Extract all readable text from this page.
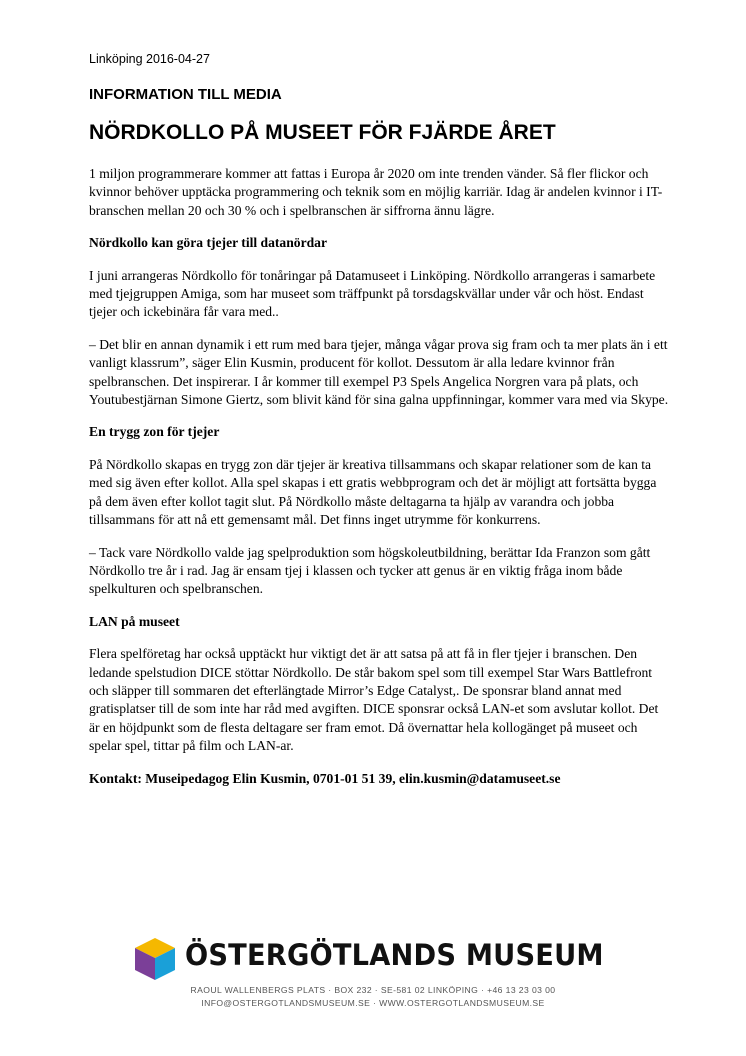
Linköping 2016-04-27
INFORMATION TILL MEDIA
NÖRDKOLLO PÅ MUSEET FÖR FJÄRDE ÅRET

1 miljon programmerare kommer att fattas i Europa år 2020 om inte trenden vänder. Så fler flickor och kvinnor behöver upptäcka programmering och teknik som en möjlig karriär. Idag är andelen kvinnor i IT-branschen mellan 20 och 30 % och i spelbranschen är siffrorna ännu lägre.

Nördkollo kan göra tjejer till datanördar

I juni arrangeras Nördkollo för tonåringar på Datamuseet i Linköping. Nördkollo arrangeras i samarbete med tjejgruppen Amiga, som har museet som träffpunkt på torsdagskvällar under vår och höst. Endast tjejer och ickebinära får vara med..

– Det blir en annan dynamik i ett rum med bara tjejer, många vågar prova sig fram och ta mer plats än i ett vanligt klassrum”, säger Elin Kusmin, producent för kollot. Dessutom är alla ledare kvinnor från spelbranschen. Det inspirerar. I år kommer till exempel P3 Spels Angelica Norgren vara på plats, och Youtubestjärnan Simone Giertz, som blivit känd för sina galna uppfinningar, kommer vara med via Skype.

En trygg zon för tjejer

På Nördkollo skapas en trygg zon där tjejer är kreativa tillsammans och skapar relationer som de kan ta med sig även efter kollot. Alla spel skapas i ett gratis webbprogram och det är möjligt att fortsätta bygga på dem även efter kollot tagit slut. På Nördkollo måste deltagarna ta hjälp av varandra och jobba tillsammans för att nå ett gemensamt mål. Det finns inget utrymme för konkurrens.

– Tack vare Nördkollo valde jag spelproduktion som högskoleutbildning, berättar Ida Franzon som gått Nördkollo tre år i rad. Jag är ensam tjej i klassen och tycker att genus är en viktig fråga inom både spelkulturen och spelbranschen.

LAN på museet

Flera spelföretag har också upptäckt hur viktigt det är att satsa på att få in fler tjejer i branschen. Den ledande spelstudion DICE stöttar Nördkollo. De står bakom spel som till exempel Star Wars Battlefront och släpper till sommaren det efterlängtade Mirror’s Edge Catalyst,. De sponsrar bland annat med gratisplatser till de som inte har råd med avgiften. DICE sponsrar också LAN-et som avslutar kollot. Det är en höjdpunkt som de flesta deltagare ser fram emot. Då övernattar hela kollogänget på museet och spelar spel, tittar på film och LAN-ar.

Kontakt: Museipedagog Elin Kusmin, 0701-01 51 39, elin.kusmin@datamuseet.se

ÖSTERGÖTLANDS MUSEUM
RAOUL WALLENBERGS PLATS · BOX 232 · SE-581 02 LINKÖPING · +46 13 23 03 00
INFO@OSTERGOTLANDSMUSEUM.SE · WWW.OSTERGOTLANDSMUSEUM.SE
